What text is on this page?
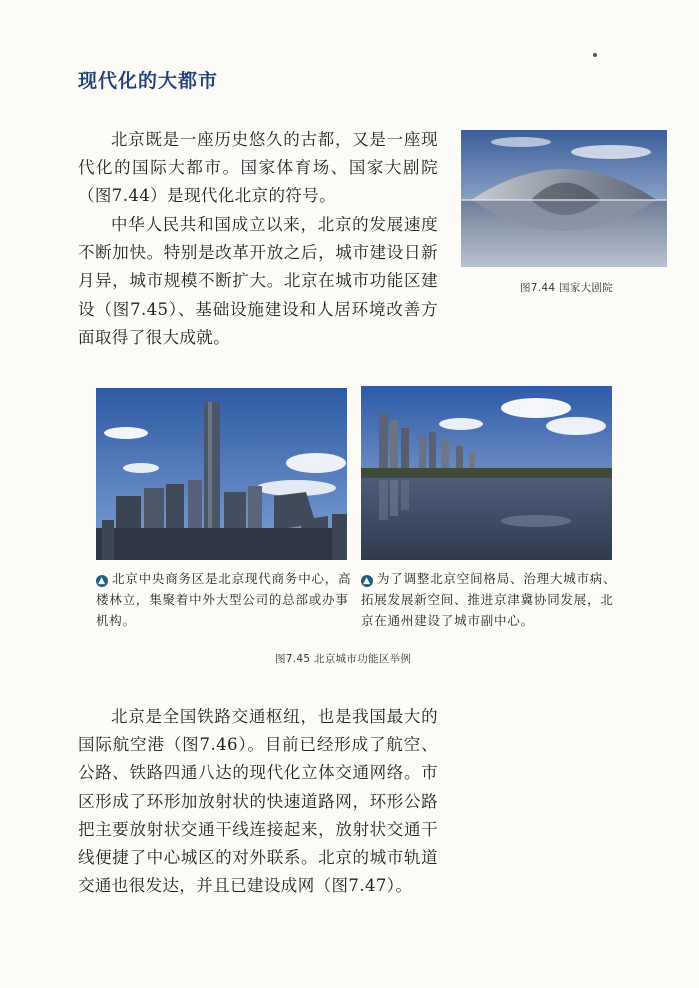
现代化的大都市

北京既是一座历史悠久的古都，又是一座现代化的国际大都市。国家体育场、国家大剧院（图7.44）是现代化北京的符号。

中华人民共和国成立以来，北京的发展速度不断加快。特别是改革开放之后，城市建设日新月异，城市规模不断扩大。北京在城市功能区建设（图7.45）、基础设施建设和人居环境改善方面取得了很大成就。

图7.44 国家大剧院

▲ 北京中央商务区是北京现代商务中心，高楼林立，集聚着中外大型公司的总部或办事机构。

▲ 为了调整北京空间格局、治理大城市病、拓展发展新空间、推进京津冀协同发展，北京在通州建设了城市副中心。

图7.45 北京城市功能区举例

北京是全国铁路交通枢纽，也是我国最大的国际航空港（图7.46）。目前已经形成了航空、公路、铁路四通八达的现代化立体交通网络。市区形成了环形加放射状的快速道路网，环形公路把主要放射状交通干线连接起来，放射状交通干线便捷了中心城区的对外联系。北京的城市轨道交通也很发达，并且已建设成网（图7.47）。
